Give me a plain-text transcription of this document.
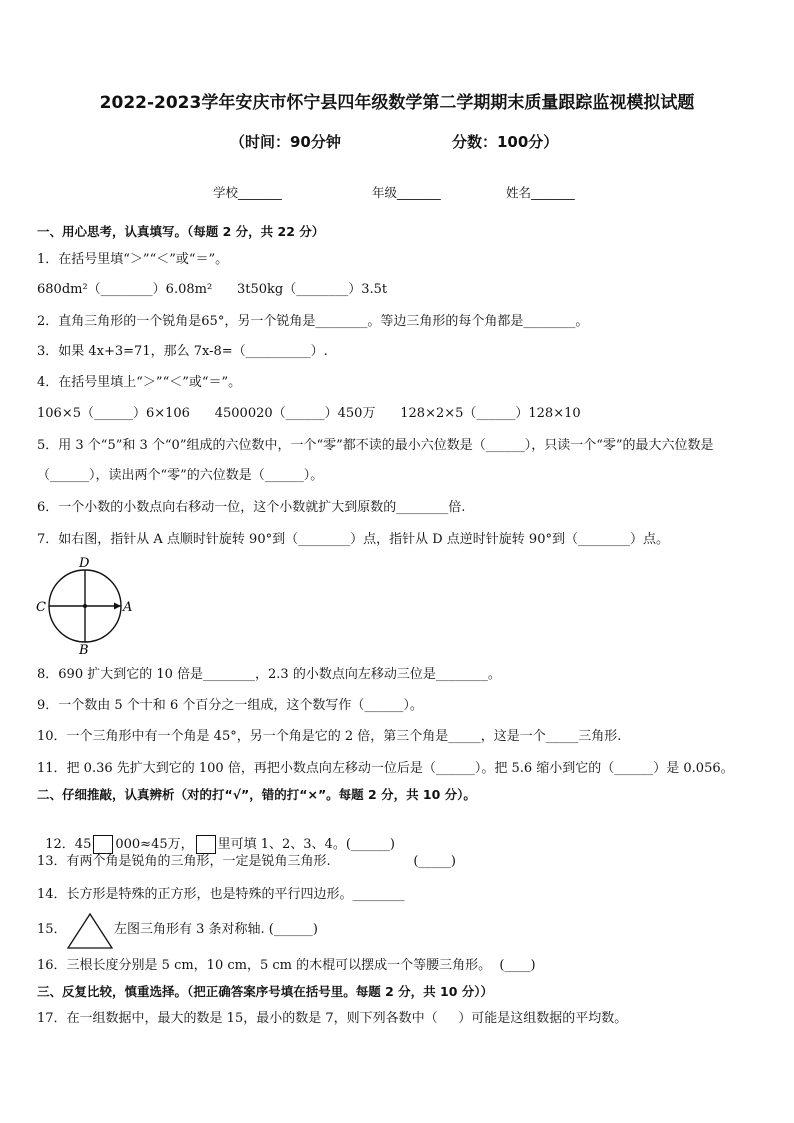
2022-2023学年安庆市怀宁县四年级数学第二学期期末质量跟踪监视模拟试题
（时间：90分钟	分数：100分）
学校_______	年级_______	姓名_______
一、用心思考，认真填写。（每题 2 分，共 22 分）
1．在括号里填“＞”“＜”或“＝”。
680dm²（________）6.08m²      3t50kg（________）3.5t
2．直角三角形的一个锐角是65°，另一个锐角是________。等边三角形的每个角都是________。
3．如果 4x+3=71，那么 7x-8=（__________）.
4．在括号里填上“＞”“＜”或“＝”。
106×5（______）6×106      4500020（______）450万      128×2×5（______）128×10
5．用 3 个“5”和 3 个“0”组成的六位数中，一个“零”都不读的最小六位数是（______），只读一个“零”的最大六位数是
（______），读出两个“零”的六位数是（______）。
6．一个小数的小数点向右移动一位，这个小数就扩大到原数的________倍.
7．如右图，指针从 A 点顺时针旋转 90°到（________）点，指针从 D 点逆时针旋转 90°到（________）点。
D
C	A
B
8．690 扩大到它的 10 倍是________，2.3 的小数点向左移动三位是________。
9．一个数由 5 个十和 6 个百分之一组成，这个数写作（______）。
10．一个三角形中有一个角是 45°，另一个角是它的 2 倍，第三个角是_____，这是一个_____三角形.
11．把 0.36 先扩大到它的 100 倍，再把小数点向左移动一位后是（______）。把 5.6 缩小到它的（______）是 0.056。
二、仔细推敲，认真辨析（对的打“√”，错的打“×”。每题 2 分，共 10 分）。

12．45 000≈45万， 里可填 1、2、3、4。(______)

13．有两个角是锐角的三角形，一定是锐角三角形.                    (_____)
14．长方形是特殊的正方形，也是特殊的平行四边形。________
15．	左图三角形有 3 条对称轴. (______)
16．三根长度分别是 5 cm，10 cm，5 cm 的木棍可以摆成一个等腰三角形。  (____)
三、反复比较，慎重选择。（把正确答案序号填在括号里。每题 2 分，共 10 分））
17．在一组数据中，最大的数是 15，最小的数是 7，则下列各数中（     ）可能是这组数据的平均数。
